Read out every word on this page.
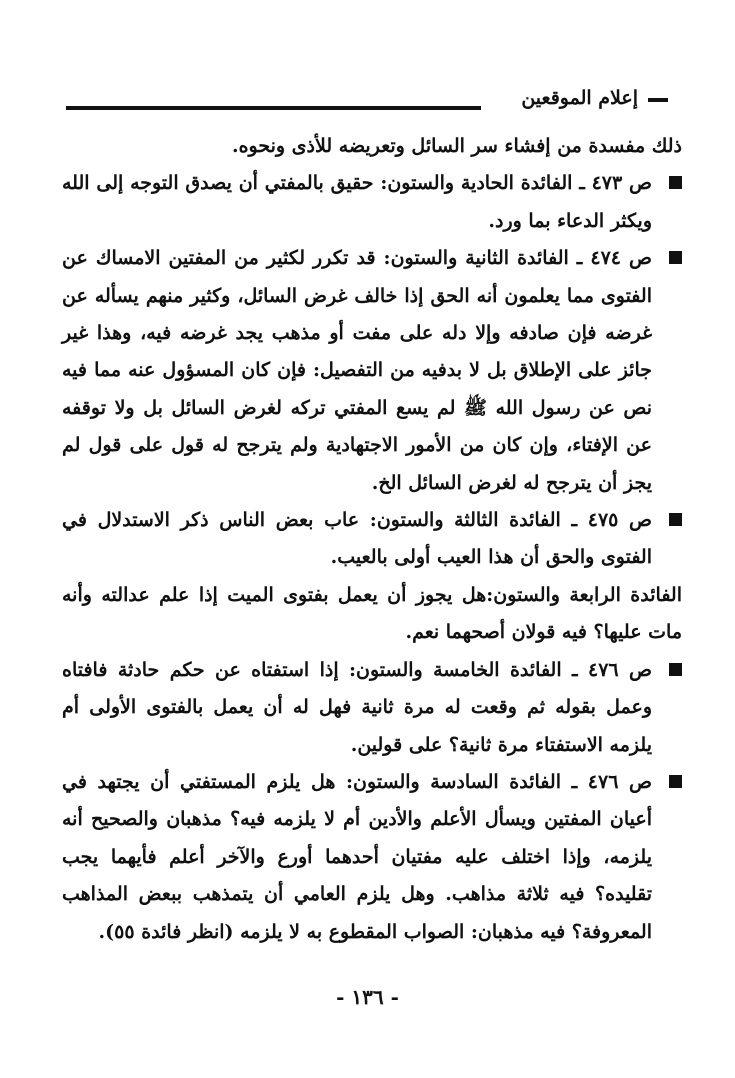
إعلام الموقعين

ذلك مفسدة من إفشاء سر السائل وتعريضه للأذى ونحوه.

ص ٤٧٣ ـ الفائدة الحادية والستون: حقيق بالمفتي أن يصدق التوجه إلى الله ويكثر الدعاء بما ورد.

ص ٤٧٤ ـ الفائدة الثانية والستون: قد تكرر لكثير من المفتين الامساك عن الفتوى مما يعلمون أنه الحق إذا خالف غرض السائل، وكثير منهم يسأله عن غرضه فإن صادفه وإلا دله على مفت أو مذهب يجد غرضه فيه، وهذا غير جائز على الإطلاق بل لا بدفيه من التفصيل: فإن كان المسؤول عنه مما فيه نص عن رسول الله ﷺ لم يسع المفتي تركه لغرض السائل بل ولا توقفه عن الإفتاء، وإن كان من الأمور الاجتهادية ولم يترجح له قول على قول لم يجز أن يترجح له لغرض السائل الخ.

ص ٤٧٥ ـ الفائدة الثالثة والستون: عاب بعض الناس ذكر الاستدلال في الفتوى والحق أن هذا العيب أولى بالعيب.

الفائدة الرابعة والستون:هل يجوز أن يعمل بفتوى الميت إذا علم عدالته وأنه مات عليها؟ فيه قولان أصحهما نعم.

ص ٤٧٦ ـ الفائدة الخامسة والستون: إذا استفتاه عن حكم حادثة فافتاه وعمل بقوله ثم وقعت له مرة ثانية فهل له أن يعمل بالفتوى الأولى أم يلزمه الاستفتاء مرة ثانية؟ على قولين.

ص ٤٧٦ ـ الفائدة السادسة والستون: هل يلزم المستفتي أن يجتهد في أعيان المفتين ويسأل الأعلم والأدين أم لا يلزمه فيه؟ مذهبان والصحيح أنه يلزمه، وإذا اختلف عليه مفتيان أحدهما أورع والآخر أعلم فأيهما يجب تقليده؟ فيه ثلاثة مذاهب. وهل يلزم العامي أن يتمذهب ببعض المذاهب المعروفة؟ فيه مذهبان: الصواب المقطوع به لا يلزمه (انظر فائدة ٥٥).

- ١٣٦ -
